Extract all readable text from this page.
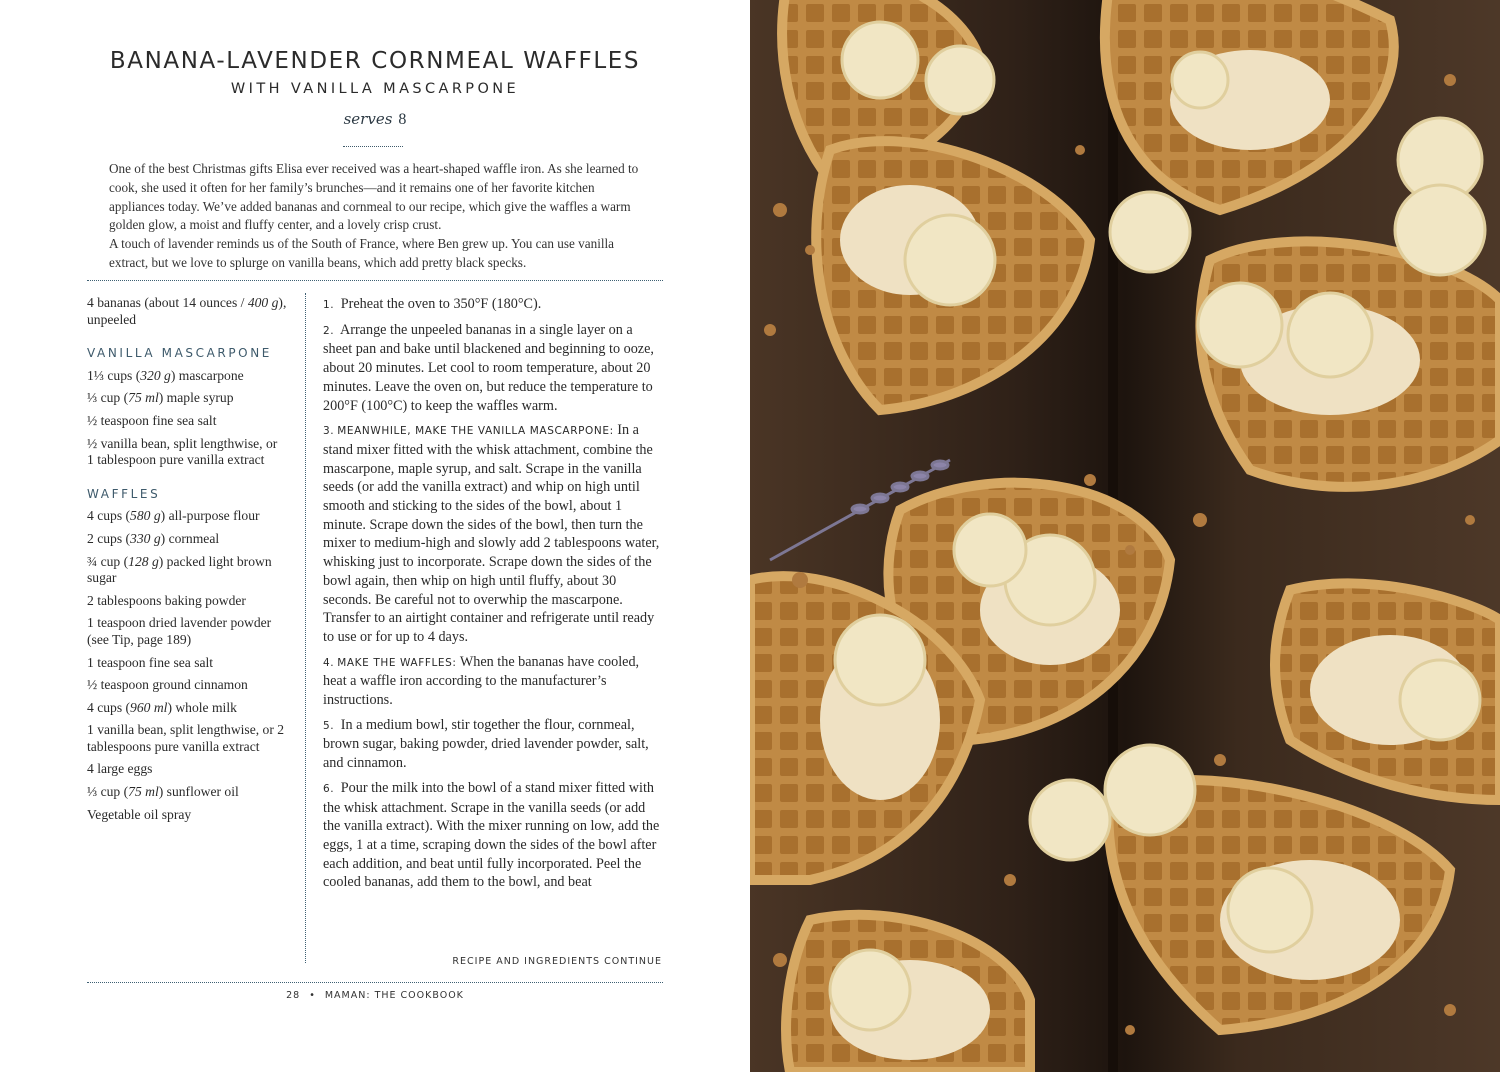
BANANA-LAVENDER CORNMEAL WAFFLES
WITH VANILLA MASCARPONE
serves 8

One of the best Christmas gifts Elisa ever received was a heart-shaped waffle iron. As she learned to cook, she used it often for her family’s brunches—and it remains one of her favorite kitchen appliances today. We’ve added bananas and cornmeal to our recipe, which give the waffles a warm golden glow, a moist and fluffy center, and a lovely crisp crust.

A touch of lavender reminds us of the South of France, where Ben grew up. You can use vanilla extract, but we love to splurge on vanilla beans, which add pretty black specks.

4 bananas (about 14 ounces / 400 g), unpeeled
VANILLA MASCARPONE
1⅓ cups (320 g) mascarpone
⅓ cup (75 ml) maple syrup
½ teaspoon fine sea salt
½ vanilla bean, split lengthwise, or 1 tablespoon pure vanilla extract
WAFFLES
4 cups (580 g) all-purpose flour
2 cups (330 g) cornmeal
¾ cup (128 g) packed light brown sugar
2 tablespoons baking powder
1 teaspoon dried lavender powder (see Tip, page 189)
1 teaspoon fine sea salt
½ teaspoon ground cinnamon
4 cups (960 ml) whole milk
1 vanilla bean, split lengthwise, or 2 tablespoons pure vanilla extract
4 large eggs
⅓ cup (75 ml) sunflower oil
Vegetable oil spray
1. Preheat the oven to 350°F (180°C).
2. Arrange the unpeeled bananas in a single layer on a sheet pan and bake until blackened and beginning to ooze, about 20 minutes. Let cool to room temperature, about 20 minutes. Leave the oven on, but reduce the temperature to 200°F (100°C) to keep the waffles warm.
3. MEANWHILE, MAKE THE VANILLA MASCARPONE: In a stand mixer fitted with the whisk attachment, combine the mascarpone, maple syrup, and salt. Scrape in the vanilla seeds (or add the vanilla extract) and whip on high until smooth and sticking to the sides of the bowl, about 1 minute. Scrape down the sides of the bowl, then turn the mixer to medium-high and slowly add 2 tablespoons water, whisking just to incorporate. Scrape down the sides of the bowl again, then whip on high until fluffy, about 30 seconds. Be careful not to overwhip the mascarpone. Transfer to an airtight container and refrigerate until ready to use or for up to 4 days.
4. MAKE THE WAFFLES: When the bananas have cooled, heat a waffle iron according to the manufacturer’s instructions.
5. In a medium bowl, stir together the flour, cornmeal, brown sugar, baking powder, dried lavender powder, salt, and cinnamon.
6. Pour the milk into the bowl of a stand mixer fitted with the whisk attachment. Scrape in the vanilla seeds (or add the vanilla extract). With the mixer running on low, add the eggs, 1 at a time, scraping down the sides of the bowl after each addition, and beat until fully incorporated. Peel the cooled bananas, add them to the bowl, and beat
RECIPE AND INGREDIENTS CONTINUE
28 • MAMAN: THE COOKBOOK
